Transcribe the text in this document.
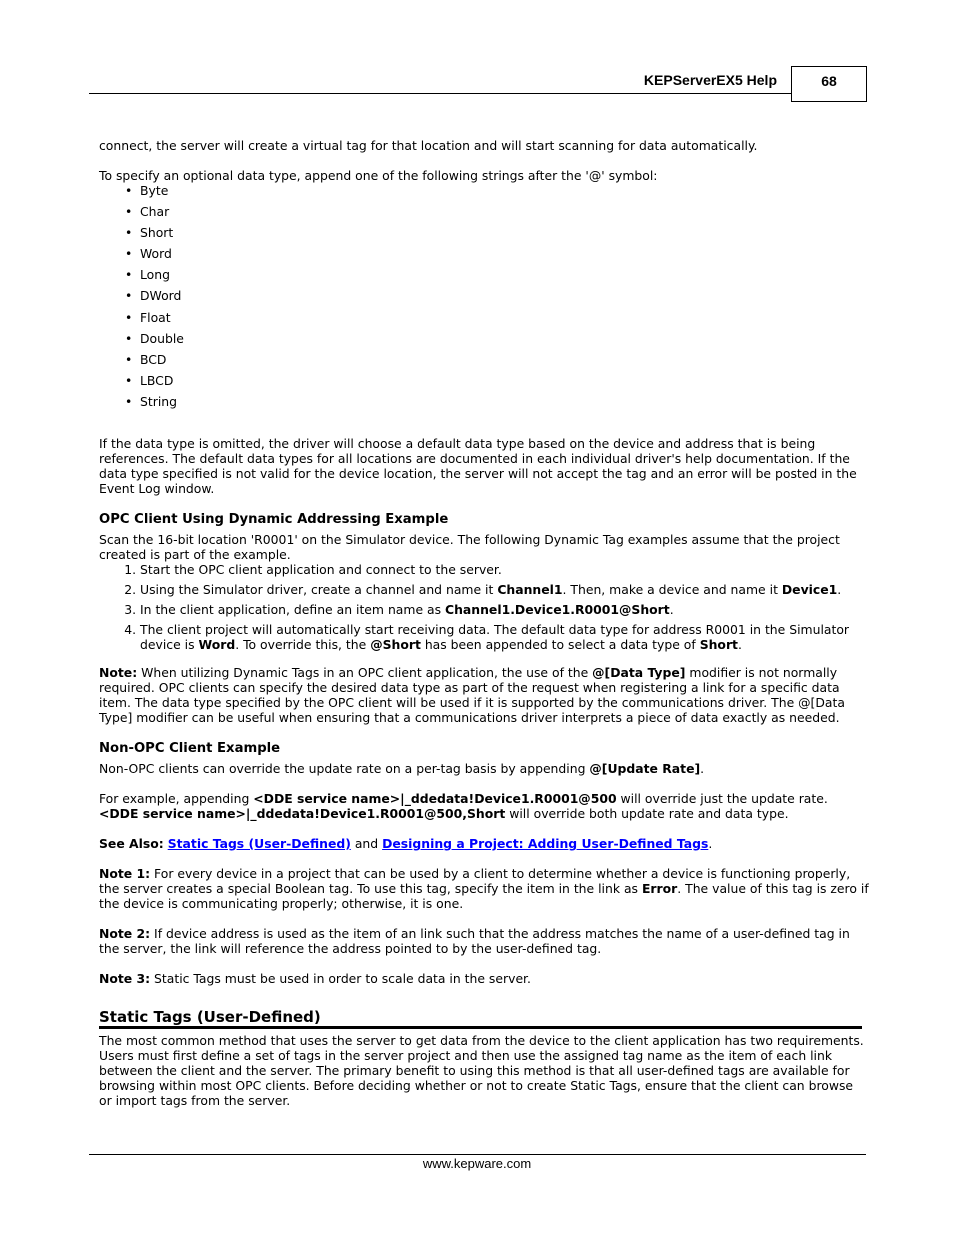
KEPServerEX5 Help	68

connect, the server will create a virtual tag for that location and will start scanning for data automatically.

To specify an optional data type, append one of the following strings after the '@' symbol:

• Byte
• Char
• Short
• Word
• Long
• DWord
• Float
• Double
• BCD
• LBCD
• String

If the data type is omitted, the driver will choose a default data type based on the device and address that is being references. The default data types for all locations are documented in each individual driver's help documentation. If the data type specified is not valid for the device location, the server will not accept the tag and an error will be posted in the Event Log window.

OPC Client Using Dynamic Addressing Example

Scan the 16-bit location 'R0001' on the Simulator device. The following Dynamic Tag examples assume that the project created is part of the example.

1. Start the OPC client application and connect to the server.
2. Using the Simulator driver, create a channel and name it Channel1. Then, make a device and name it Device1.
3. In the client application, define an item name as Channel1.Device1.R0001@Short.
4. The client project will automatically start receiving data. The default data type for address R0001 in the Simulator device is Word. To override this, the @Short has been appended to select a data type of Short.

Note: When utilizing Dynamic Tags in an OPC client application, the use of the @[Data Type] modifier is not normally required. OPC clients can specify the desired data type as part of the request when registering a link for a specific data item. The data type specified by the OPC client will be used if it is supported by the communications driver. The @[Data Type] modifier can be useful when ensuring that a communications driver interprets a piece of data exactly as needed.

Non-OPC Client Example

Non-OPC clients can override the update rate on a per-tag basis by appending @[Update Rate].

For example, appending <DDE service name>|_ddedata!Device1.R0001@500 will override just the update rate. <DDE service name>|_ddedata!Device1.R0001@500,Short will override both update rate and data type.

See Also: Static Tags (User-Defined) and Designing a Project: Adding User-Defined Tags.

Note 1: For every device in a project that can be used by a client to determine whether a device is functioning properly, the server creates a special Boolean tag. To use this tag, specify the item in the link as Error. The value of this tag is zero if the device is communicating properly; otherwise, it is one.

Note 2: If device address is used as the item of an link such that the address matches the name of a user-defined tag in the server, the link will reference the address pointed to by the user-defined tag.

Note 3: Static Tags must be used in order to scale data in the server.

Static Tags (User-Defined)

The most common method that uses the server to get data from the device to the client application has two requirements. Users must first define a set of tags in the server project and then use the assigned tag name as the item of each link between the client and the server. The primary benefit to using this method is that all user-defined tags are available for browsing within most OPC clients. Before deciding whether or not to create Static Tags, ensure that the client can browse or import tags from the server.

www.kepware.com
